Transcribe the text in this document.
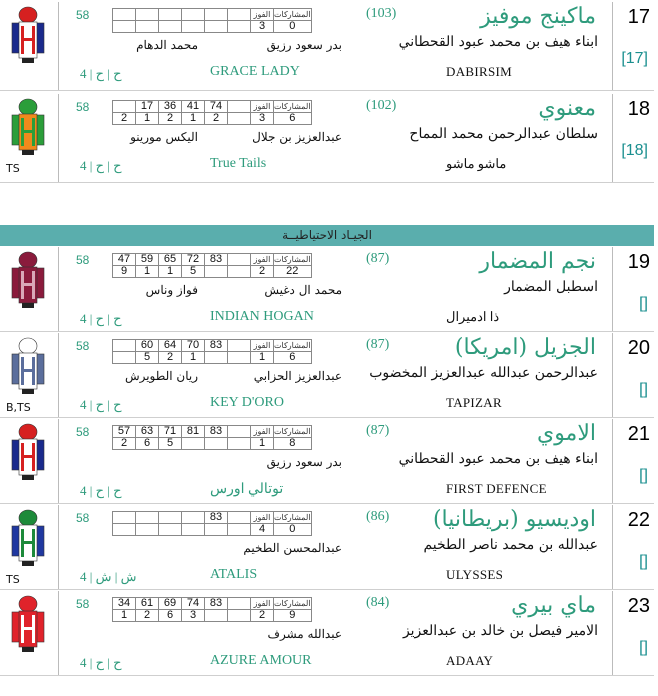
الجيـاد الاحتياطيــة
17
[17]
ماكينج موفيز
(103)
ابناء هيف بن محمد عبود القحطاني
DABIRSIM
GRACE LADY
58
ح | ح | 4
بدر سعود رزيق
محمد الدهام
						الفوز	المشاركات
						3	0
TS
18
[18]
معنوي
(102)
سلطان عبدالرحمن محمد المماح
ماشو ماشو
True Tails
58
ح | ح | 4
عبدالعزيز بن جلال
اليكس مورينو
	17	36	41	74		الفوز	المشاركات
2	1	2	1	2		3	6
19
[]
نجم المضمار
(87)
اسطبل المضمار
ذا ادميرال
INDIAN HOGAN
58
ح | ح | 4
محمد ال دغيش
فواز وناس
47	59	65	72	83		الفوز	المشاركات
9	1	1	5			2	22
B,TS
20
[]
الجزيل (امريكا)
(87)
عبدالرحمن عبدالله عبدالعزيز المخضوب
TAPIZAR
KEY D'ORO
58
ح | ح | 4
عبدالعزيز الحزابي
ريان الطويرش
	60	64	70	83		الفوز	المشاركات
	5	2	1			1	6
21
[]
الاموي
(87)
ابناء هيف بن محمد عبود القحطاني
FIRST DEFENCE
توتالي اورس
58
ح | ح | 4
بدر سعود رزيق
57	63	71	81	83		الفوز	المشاركات
2	6	5				1	8
TS
22
[]
اوديسيو (بريطانيا)
(86)
عبدالله بن محمد ناصر الطخيم
ULYSSES
ATALIS
58
ش | ش | 4
عبدالمحسن الطخيم
				83		الفوز	المشاركات
						4	0
23
[]
ماي بيري
(84)
الامير فيصل بن خالد بن عبدالعزيز
ADAAY
AZURE AMOUR
58
ح | ح | 4
عبدالله مشرف
34	61	69	74	83		الفوز	المشاركات
1	2	6	3			2	9
